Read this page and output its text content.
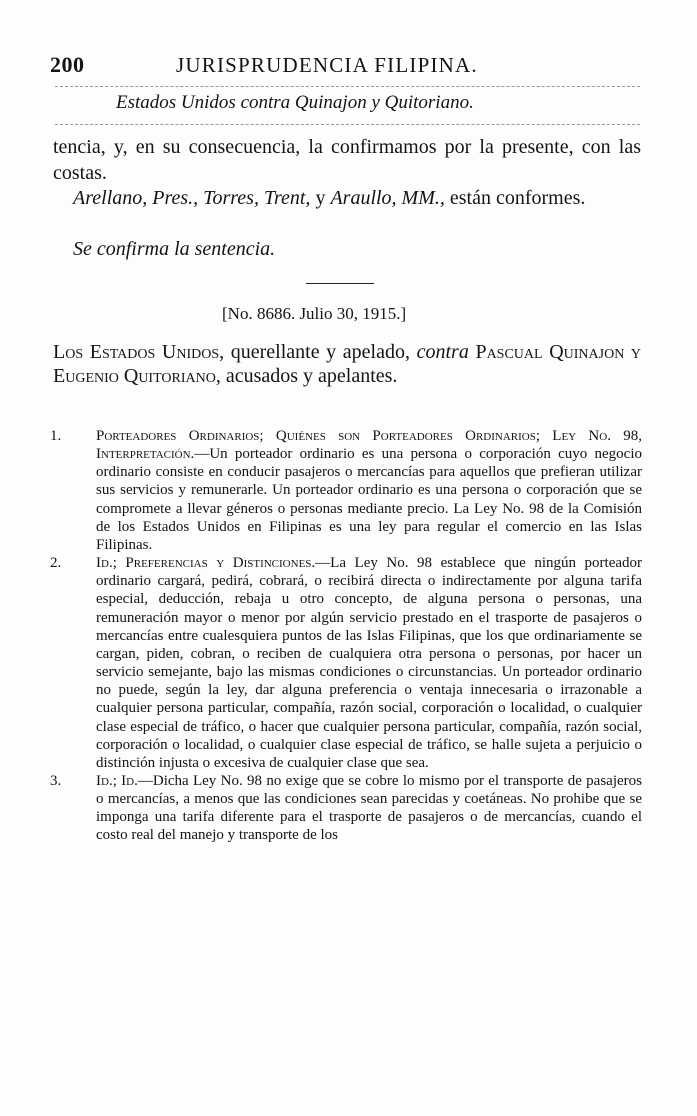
200	JURISPRUDENCIA FILIPINA.
Estados Unidos contra Quinajon y Quitoriano.
tencia, y, en su consecuencia, la confirmamos por la presente, con las costas.
Arellano, Pres., Torres, Trent, y Araullo, MM., están conformes.
Se confirma la sentencia.
[No. 8686. Julio 30, 1915.]
Los Estados Unidos, querellante y apelado, contra Pascual Quinajon y Eugenio Quitoriano, acusados y apelantes.
1. Porteadores Ordinarios; Quiénes son Porteadores Ordinarios; Ley No. 98, Interpretación.—Un porteador ordinario es una persona o corporación cuyo negocio ordinario consiste en conducir pasajeros o mercancías para aquellos que prefieran utilizar sus servicios y remunerarle. Un porteador ordinario es una persona o corporación que se compromete a llevar géneros o personas mediante precio. La Ley No. 98 de la Comisión de los Estados Unidos en Filipinas es una ley para regular el comercio en las Islas Filipinas.
2. Id.; Preferencias y Distinciones.—La Ley No. 98 establece que ningún porteador ordinario cargará, pedirá, cobrará, o recibirá directa o indirectamente por alguna tarifa especial, deducción, rebaja u otro concepto, de alguna persona o personas, una remuneración mayor o menor por algún servicio prestado en el trasporte de pasajeros o mercancías entre cualesquiera puntos de las Islas Filipinas, que los que ordinariamente se cargan, piden, cobran, o reciben de cualquiera otra persona o personas, por hacer un servicio semejante, bajo las mismas condiciones o circunstancias. Un porteador ordinario no puede, según la ley, dar alguna preferencia o ventaja innecesaria o irrazonable a cualquier persona particular, compañía, razón social, corporación o localidad, o cualquier clase especial de tráfico, o hacer que cualquier persona particular, compañía, razón social, corporación o localidad, o cualquier clase especial de tráfico, se halle sujeta a perjuicio o distinción injusta o excesiva de cualquier clase que sea.
3. Id.; Id.—Dicha Ley No. 98 no exige que se cobre lo mismo por el transporte de pasajeros o mercancías, a menos que las condiciones sean parecidas y coetáneas. No prohibe que se imponga una tarifa diferente para el trasporte de pasajeros o de mercancías, cuando el costo real del manejo y transporte de los
